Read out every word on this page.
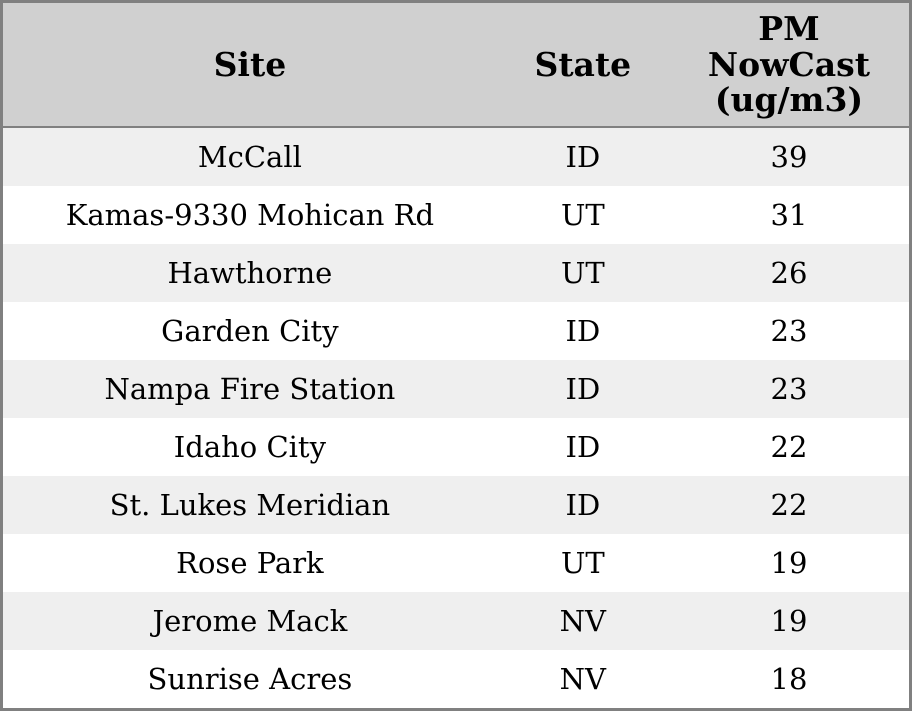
Site	State	PM NowCast (ug/m3)
McCall	ID	39
Kamas-9330 Mohican Rd	UT	31
Hawthorne	UT	26
Garden City	ID	23
Nampa Fire Station	ID	23
Idaho City	ID	22
St. Lukes Meridian	ID	22
Rose Park	UT	19
Jerome Mack	NV	19
Sunrise Acres	NV	18
